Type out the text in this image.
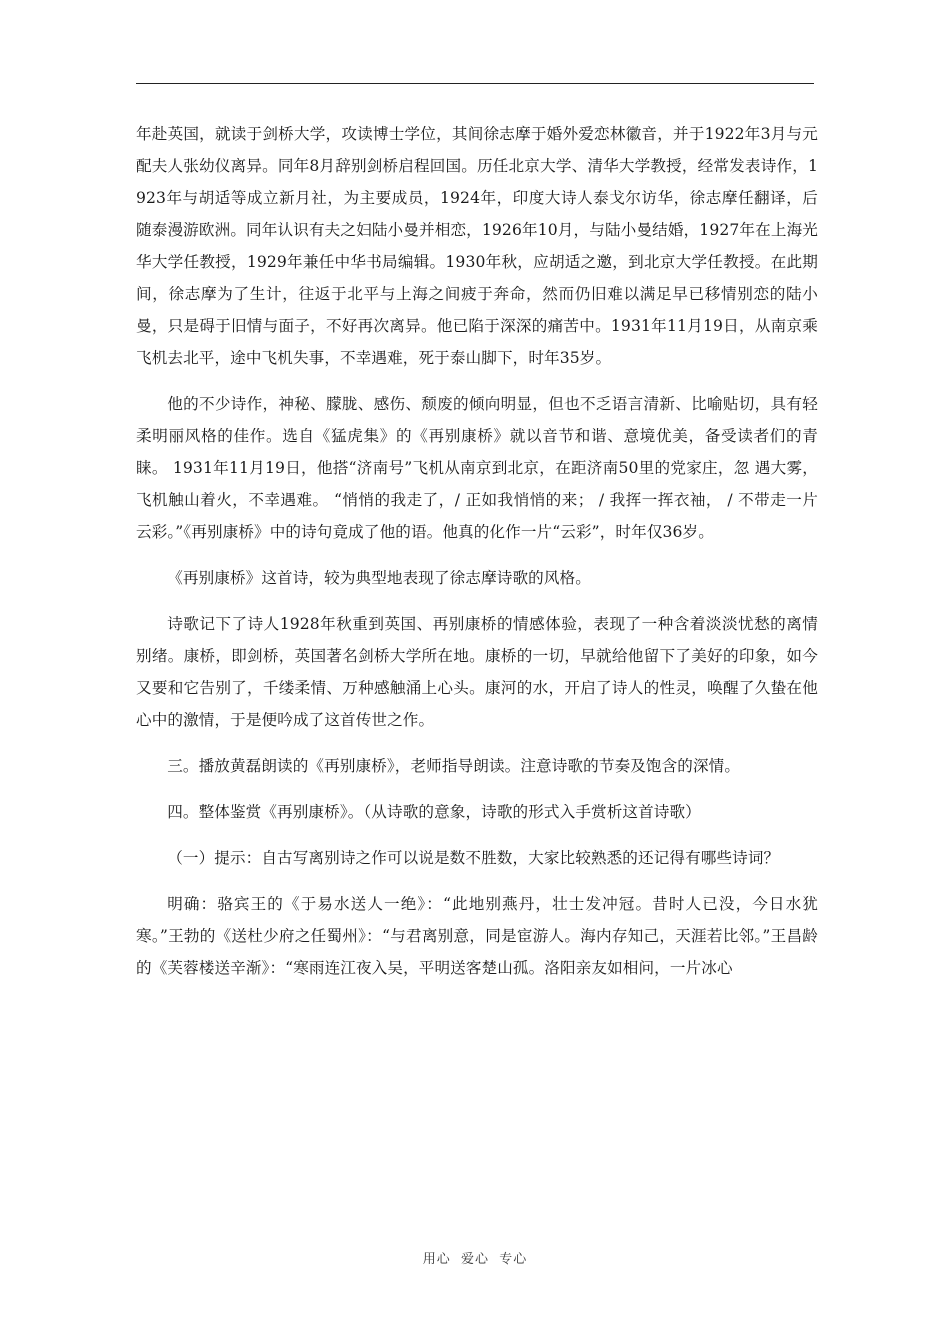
年赴英国，就读于剑桥大学，攻读博士学位，其间徐志摩于婚外爱恋林徽音，并于1922年3月与元配夫人张幼仪离异。同年8月辞别剑桥启程回国。历任北京大学、清华大学教授，经常发表诗作，1923年与胡适等成立新月社，为主要成员，1924年，印度大诗人泰戈尔访华，徐志摩任翻译，后随泰漫游欧洲。同年认识有夫之妇陆小曼并相恋，1926年10月，与陆小曼结婚，1927年在上海光华大学任教授，1929年兼任中华书局编辑。1930年秋，应胡适之邀，到北京大学任教授。在此期间，徐志摩为了生计，往返于北平与上海之间疲于奔命，然而仍旧难以满足早已移情别恋的陆小曼，只是碍于旧情与面子，不好再次离异。他已陷于深深的痛苦中。1931年11月19日，从南京乘飞机去北平，途中飞机失事，不幸遇难，死于泰山脚下，时年35岁。

他的不少诗作，神秘、朦胧、感伤、颓废的倾向明显，但也不乏语言清新、比喻贴切，具有轻柔明丽风格的佳作。选自《猛虎集》的《再别康桥》就以音节和谐、意境优美，备受读者们的青睐。 1931年11月19日，他搭“济南号”飞机从南京到北京，在距济南50里的党家庄，忽 遇大雾，飞机触山着火，不幸遇难。 “悄悄的我走了，/ 正如我悄悄的来； / 我挥一挥衣袖， / 不带走一片云彩。”《再别康桥》中的诗句竟成了他的语。他真的化作一片“云彩”，时年仅36岁。

《再别康桥》这首诗，较为典型地表现了徐志摩诗歌的风格。

诗歌记下了诗人1928年秋重到英国、再别康桥的情感体验，表现了一种含着淡淡忧愁的离情别绪。康桥，即剑桥，英国著名剑桥大学所在地。康桥的一切，早就给他留下了美好的印象，如今又要和它告别了，千缕柔情、万种感触涌上心头。康河的水，开启了诗人的性灵，唤醒了久蛰在他心中的激情，于是便吟成了这首传世之作。

三。播放黄磊朗读的《再别康桥》，老师指导朗读。注意诗歌的节奏及饱含的深情。

四。整体鉴赏《再别康桥》。（从诗歌的意象，诗歌的形式入手赏析这首诗歌）

（一）提示：自古写离别诗之作可以说是数不胜数，大家比较熟悉的还记得有哪些诗词？

明确：骆宾王的《于易水送人一绝》：“此地别燕丹，壮士发冲冠。昔时人已没，今日水犹寒。”王勃的《送杜少府之任蜀州》：“与君离别意，同是宦游人。海内存知己，天涯若比邻。”王昌龄的《芙蓉楼送辛渐》：“寒雨连江夜入吴，平明送客楚山孤。洛阳亲友如相问，一片冰心

用心  爱心  专心
